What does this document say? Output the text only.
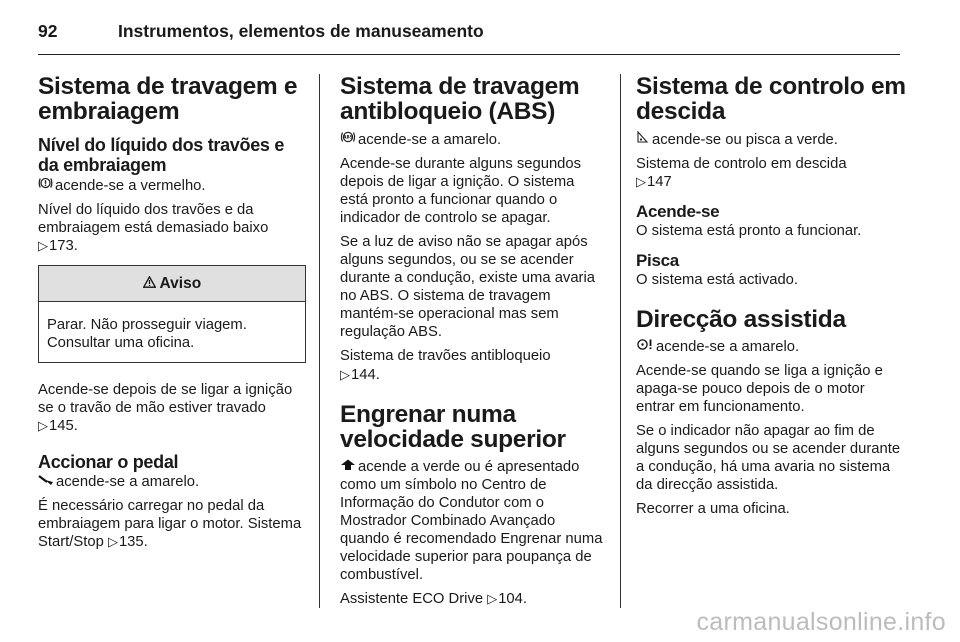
92	Instrumentos, elementos de manuseamento
Sistema de travagem e embraiagem
Nível do líquido dos travões e da embraiagem

acende-se a vermelho.

Nível do líquido dos travões e da embraiagem está demasiado baixo
▷173.

Aviso

Parar. Não prosseguir viagem. Consultar uma oficina.

Acende-se depois de se ligar a ignição se o travão de mão estiver travado ▷145.

Accionar o pedal

acende-se a amarelo.

É necessário carregar no pedal da embraiagem para ligar o motor. Sistema Start/Stop ▷135.

Sistema de travagem antibloqueio (ABS)

ABS acende-se a amarelo.

Acende-se durante alguns segundos depois de ligar a ignição. O sistema está pronto a funcionar quando o indicador de controlo se apagar.

Se a luz de aviso não se apagar após alguns segundos, ou se se acender durante a condução, existe uma avaria no ABS. O sistema de travagem mantém-se operacional mas sem regulação ABS.

Sistema de travões antibloqueio
▷144.

Engrenar numa velocidade superior

acende a verde ou é apresentado como um símbolo no Centro de Informação do Condutor com o Mostrador Combinado Avançado quando é recomendado Engrenar numa velocidade superior para poupança de combustível.

Assistente ECO Drive ▷104.

Sistema de controlo em descida

acende-se ou pisca a verde.

Sistema de controlo em descida
▷147

Acende-se

O sistema está pronto a funcionar.

Pisca

O sistema está activado.

Direcção assistida

acende-se a amarelo.

Acende-se quando se liga a ignição e apaga-se pouco depois de o motor entrar em funcionamento.

Se o indicador não apagar ao fim de alguns segundos ou se acender durante a condução, há uma avaria no sistema da direcção assistida.

Recorrer a uma oficina.

carmanualsonline.info
